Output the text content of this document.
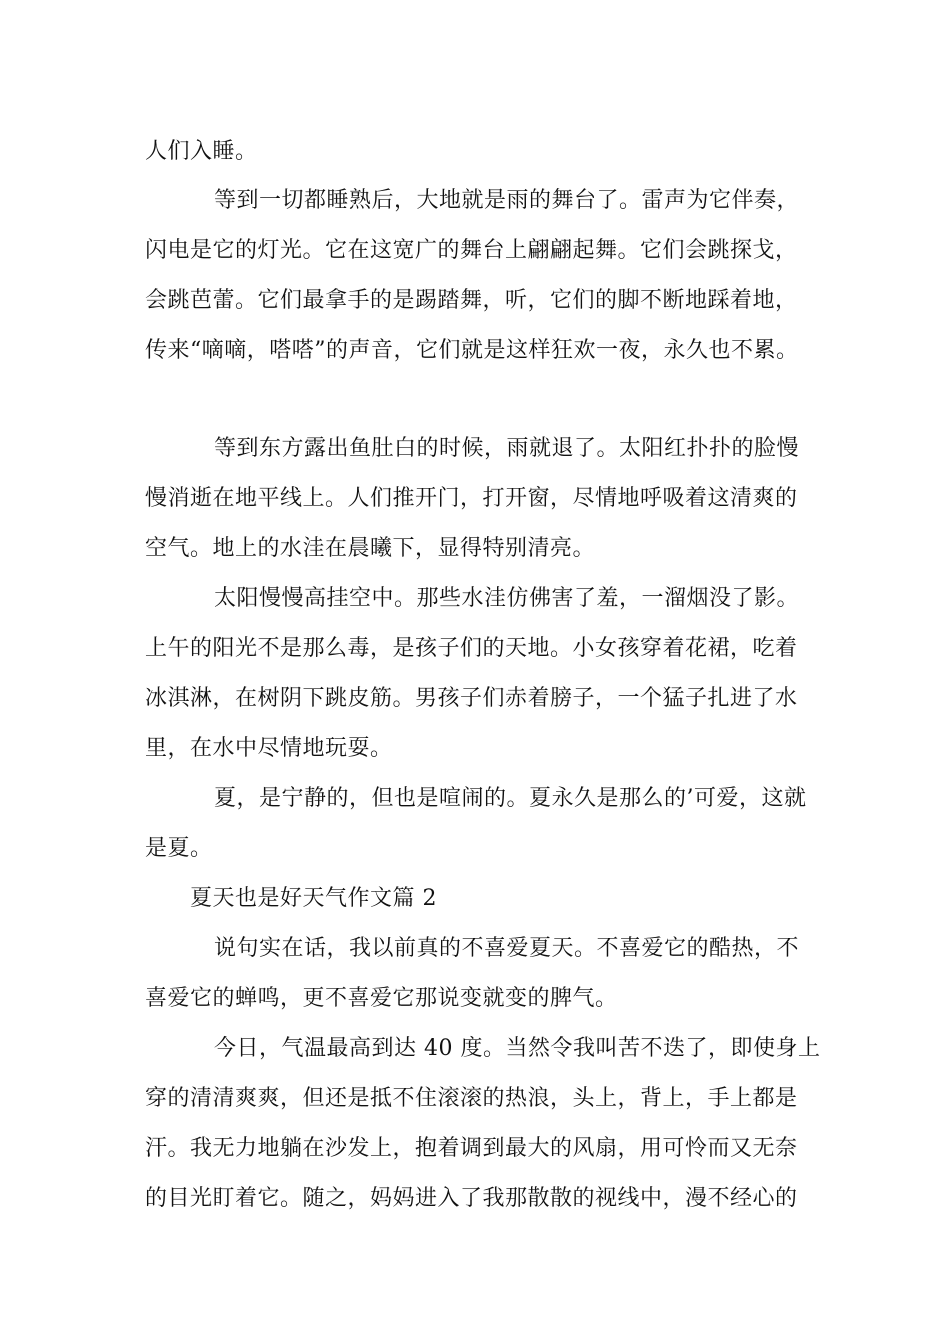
人们入睡。
等到一切都睡熟后，大地就是雨的舞台了。雷声为它伴奏，
闪电是它的灯光。它在这宽广的舞台上翩翩起舞。它们会跳探戈，
会跳芭蕾。它们最拿手的是踢踏舞，听，它们的脚不断地踩着地，
传来“嘀嘀，嗒嗒”的声音，它们就是这样狂欢一夜，永久也不累。
等到东方露出鱼肚白的时候，雨就退了。太阳红扑扑的脸慢
慢消逝在地平线上。人们推开门，打开窗，尽情地呼吸着这清爽的
空气。地上的水洼在晨曦下，显得特别清亮。
太阳慢慢高挂空中。那些水洼仿佛害了羞，一溜烟没了影。
上午的阳光不是那么毒，是孩子们的天地。小女孩穿着花裙，吃着
冰淇淋，在树阴下跳皮筋。男孩子们赤着膀子，一个猛子扎进了水
里，在水中尽情地玩耍。
夏，是宁静的，但也是喧闹的。夏永久是那么的’可爱，这就
是夏。
夏天也是好天气作文篇 2
说句实在话，我以前真的不喜爱夏天。不喜爱它的酷热，不
喜爱它的蝉鸣，更不喜爱它那说变就变的脾气。
今日，气温最高到达 40 度。当然令我叫苦不迭了，即使身上
穿的清清爽爽，但还是抵不住滚滚的热浪，头上，背上，手上都是
汗。我无力地躺在沙发上，抱着调到最大的风扇，用可怜而又无奈
的目光盯着它。随之，妈妈进入了我那散散的视线中，漫不经心的
